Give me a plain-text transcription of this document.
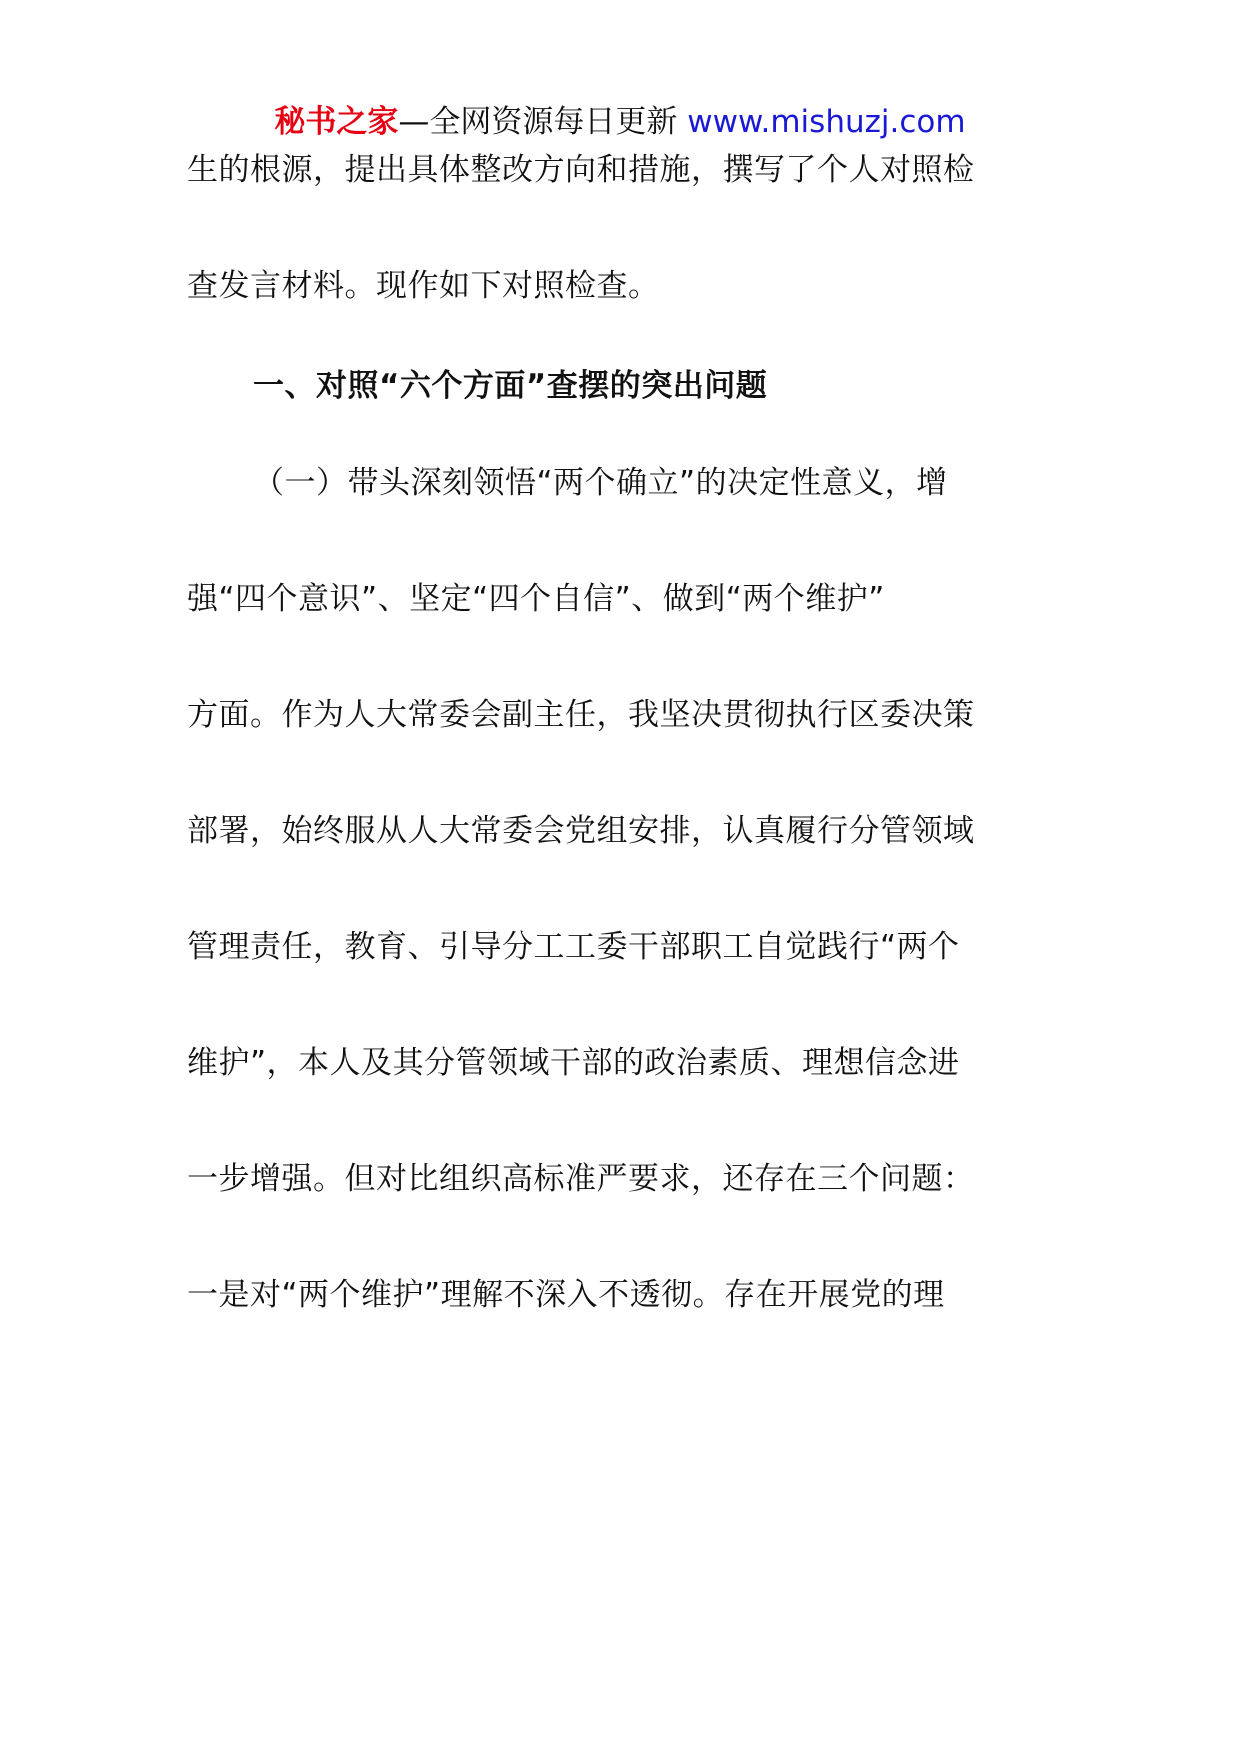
秘书之家—全网资源每日更新 www.mishuzj.com
生的根源，提出具体整改方向和措施，撰写了个人对照检
查发言材料。现作如下对照检查。
一、对照“六个方面”查摆的突出问题
（一）带头深刻领悟“两个确立”的决定性意义，增
强“四个意识”、坚定“四个自信”、做到“两个维护”
方面。作为人大常委会副主任，我坚决贯彻执行区委决策
部署，始终服从人大常委会党组安排，认真履行分管领域
管理责任，教育、引导分工工委干部职工自觉践行“两个
维护”，本人及其分管领域干部的政治素质、理想信念进
一步增强。但对比组织高标准严要求，还存在三个问题：
一是对“两个维护”理解不深入不透彻。存在开展党的理
